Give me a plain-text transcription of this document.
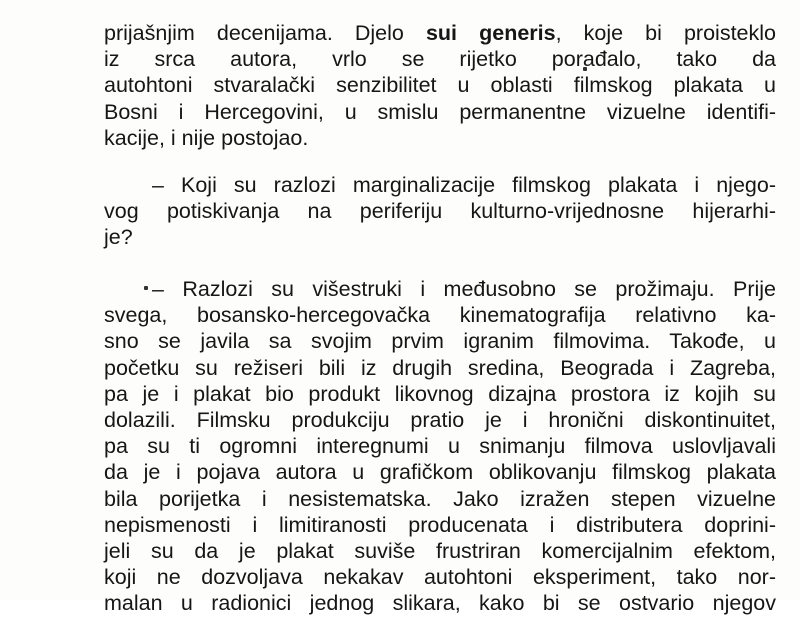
prijašnjim decenijama. Djelo sui generis, koje bi proisteklo
iz srca autora, vrlo se rijetko porađalo, tako da
autohtoni stvaralački senzibilitet u oblasti filmskog plakata u
Bosni i Hercegovini, u smislu permanentne vizuelne identifi-
kacije, i nije postojao.
– Koji su razlozi marginalizacije filmskog plakata i njego-
vog potiskivanja na periferiju kulturno-vrijednosne hijerarhi-
je?
– Razlozi su višestruki i međusobno se prožimaju. Prije
svega, bosansko-hercegovačka kinematografija relativno ka-
sno se javila sa svojim prvim igranim filmovima. Takođe, u
početku su režiseri bili iz drugih sredina, Beograda i Zagreba,
pa je i plakat bio produkt likovnog dizajna prostora iz kojih su
dolazili. Filmsku produkciju pratio je i hronični diskontinuitet,
pa su ti ogromni interegnumi u snimanju filmova uslovljavali
da je i pojava autora u grafičkom oblikovanju filmskog plakata
bila porijetka i nesistematska. Jako izražen stepen vizuelne
nepismenosti i limitiranosti producenata i distributera doprini-
jeli su da je plakat suviše frustriran komercijalnim efektom,
koji ne dozvoljava nekakav autohtoni eksperiment, tako nor-
malan u radionici jednog slikara, kako bi se ostvario njegov
